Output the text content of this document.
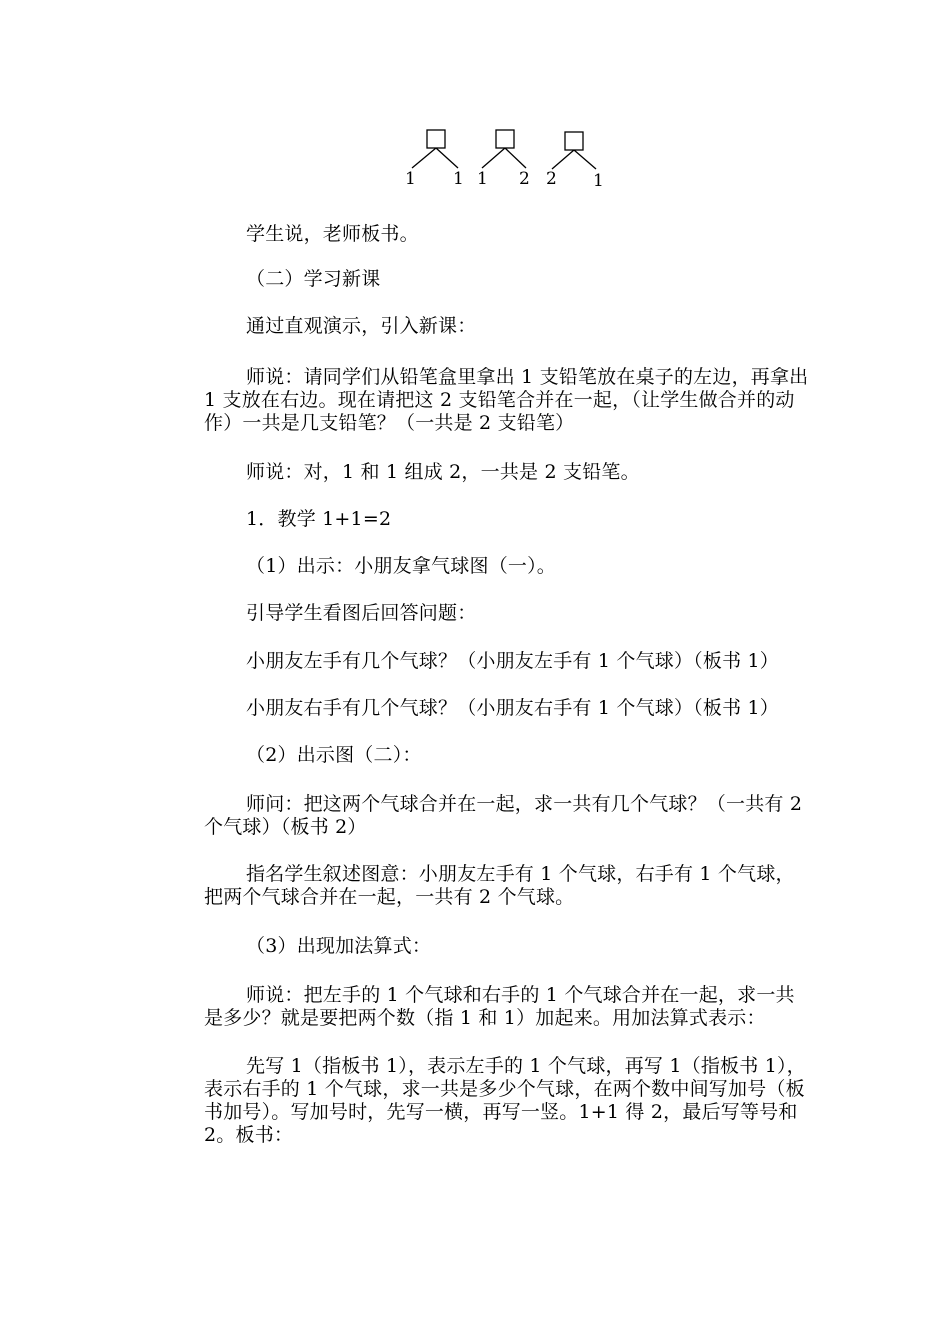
1 1 1 2 2 1

学生说，老师板书。

（二）学习新课

通过直观演示，引入新课：

师说：请同学们从铅笔盒里拿出 1 支铅笔放在桌子的左边，再拿出 1 支放在右边。现在请把这 2 支铅笔合并在一起，（让学生做合并的动作）一共是几支铅笔？（一共是 2 支铅笔）

师说：对，1 和 1 组成 2，一共是 2 支铅笔。

1．教学 1+1=2

（1）出示：小朋友拿气球图（一）。

引导学生看图后回答问题：

小朋友左手有几个气球？（小朋友左手有 1 个气球）（板书 1）

小朋友右手有几个气球？（小朋友右手有 1 个气球）（板书 1）

（2）出示图（二）：

师问：把这两个气球合并在一起，求一共有几个气球？（一共有 2 个气球）（板书 2）

指名学生叙述图意：小朋友左手有 1 个气球，右手有 1 个气球，把两个气球合并在一起，一共有 2 个气球。

（3）出现加法算式：

师说：把左手的 1 个气球和右手的 1 个气球合并在一起，求一共是多少？就是要把两个数（指 1 和 1）加起来。用加法算式表示：

先写 1（指板书 1），表示左手的 1 个气球，再写 1（指板书 1），表示右手的 1 个气球，求一共是多少个气球，在两个数中间写加号（板书加号）。写加号时，先写一横，再写一竖。1+1 得 2，最后写等号和 2。板书：
